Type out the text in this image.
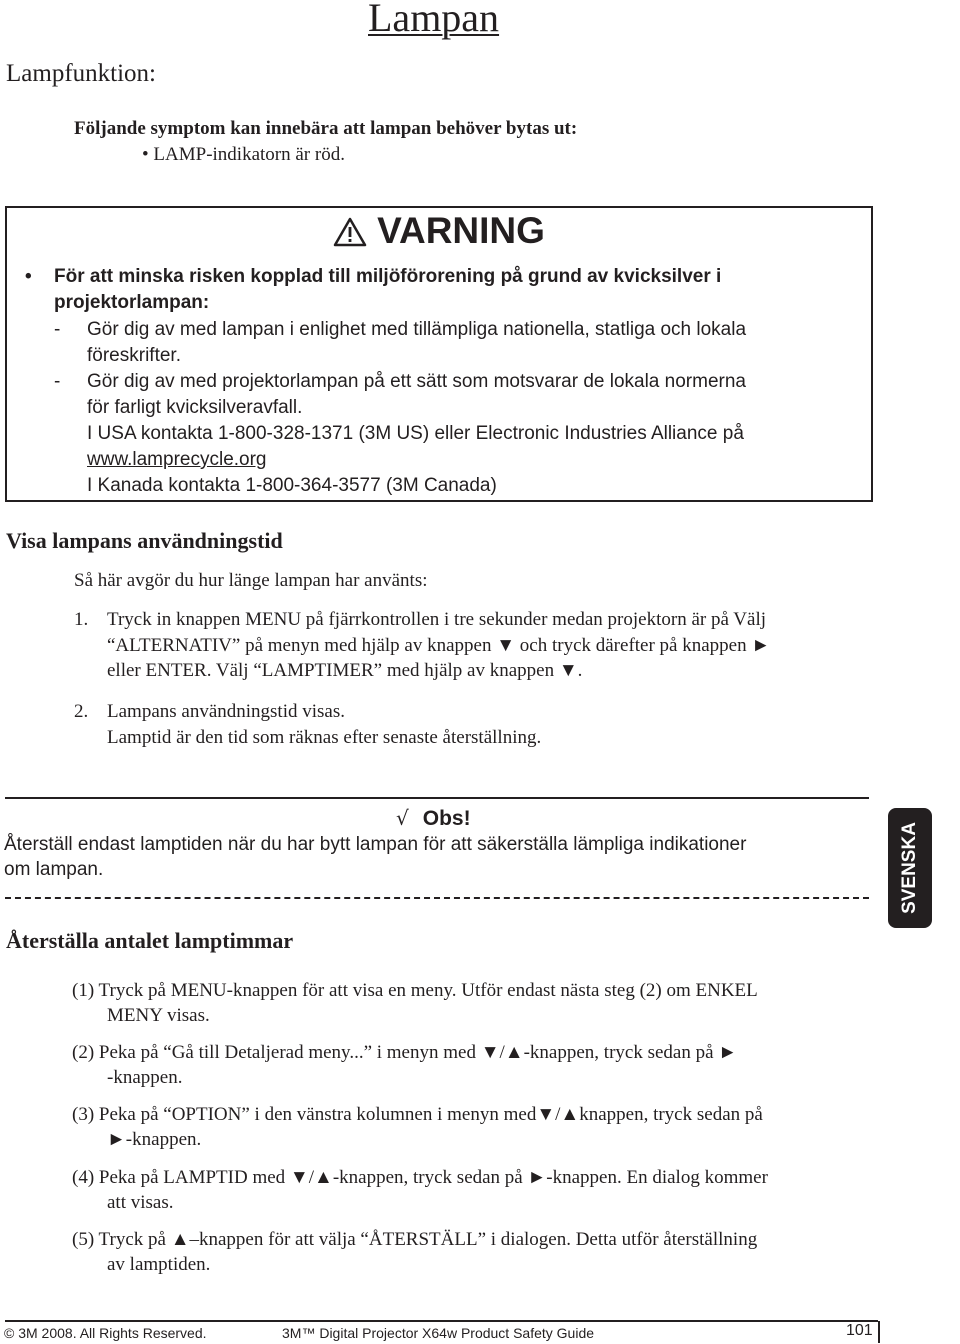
Lampan
Lampfunktion:
Följande symptom kan innebära att lampan behöver bytas ut:
• LAMP-indikatorn är röd.
VARNING
• För att minska risken kopplad till miljöförorening på grund av kvicksilver i
projektorlampan:
- Gör dig av med lampan i enlighet med tillämpliga nationella, statliga och lokala
föreskrifter.
- Gör dig av med projektorlampan på ett sätt som motsvarar de lokala normerna
för farligt kvicksilveravfall.
I USA kontakta 1-800-328-1371 (3M US) eller Electronic Industries Alliance på
www.lamprecycle.org
I Kanada kontakta 1-800-364-3577 (3M Canada)
Visa lampans användningstid
Så här avgör du hur länge lampan har använts:
1. Tryck in knappen MENU på fjärrkontrollen i tre sekunder medan projektorn är på Välj
“ALTERNATIV” på menyn med hjälp av knappen ▼ och tryck därefter på knappen ►
eller ENTER. Välj “LAMPTIMER” med hjälp av knappen ▼.
2. Lampans användningstid visas.
Lamptid är den tid som räknas efter senaste återställning.
√ Obs!
Återställ endast lamptiden när du har bytt lampan för att säkerställa lämpliga indikationer
om lampan.	SVENSKA
Återställa antalet lamptimmar
(1) Tryck på MENU-knappen för att visa en meny. Utför endast nästa steg (2) om ENKEL
MENY visas.
(2) Peka på “Gå till Detaljerad meny...” i menyn med ▼/▲-knappen, tryck sedan på ►
-knappen.
(3) Peka på “OPTION” i den vänstra kolumnen i menyn med▼/▲knappen, tryck sedan på
►-knappen.
(4) Peka på LAMPTID med ▼/▲-knappen, tryck sedan på ►-knappen. En dialog kommer
att visas.
(5) Tryck på ▲–knappen för att välja “ÅTERSTÄLL” i dialogen. Detta utför återställning
av lamptiden.
© 3M 2008. All Rights Reserved.	3M™ Digital Projector X64w Product Safety Guide	101
